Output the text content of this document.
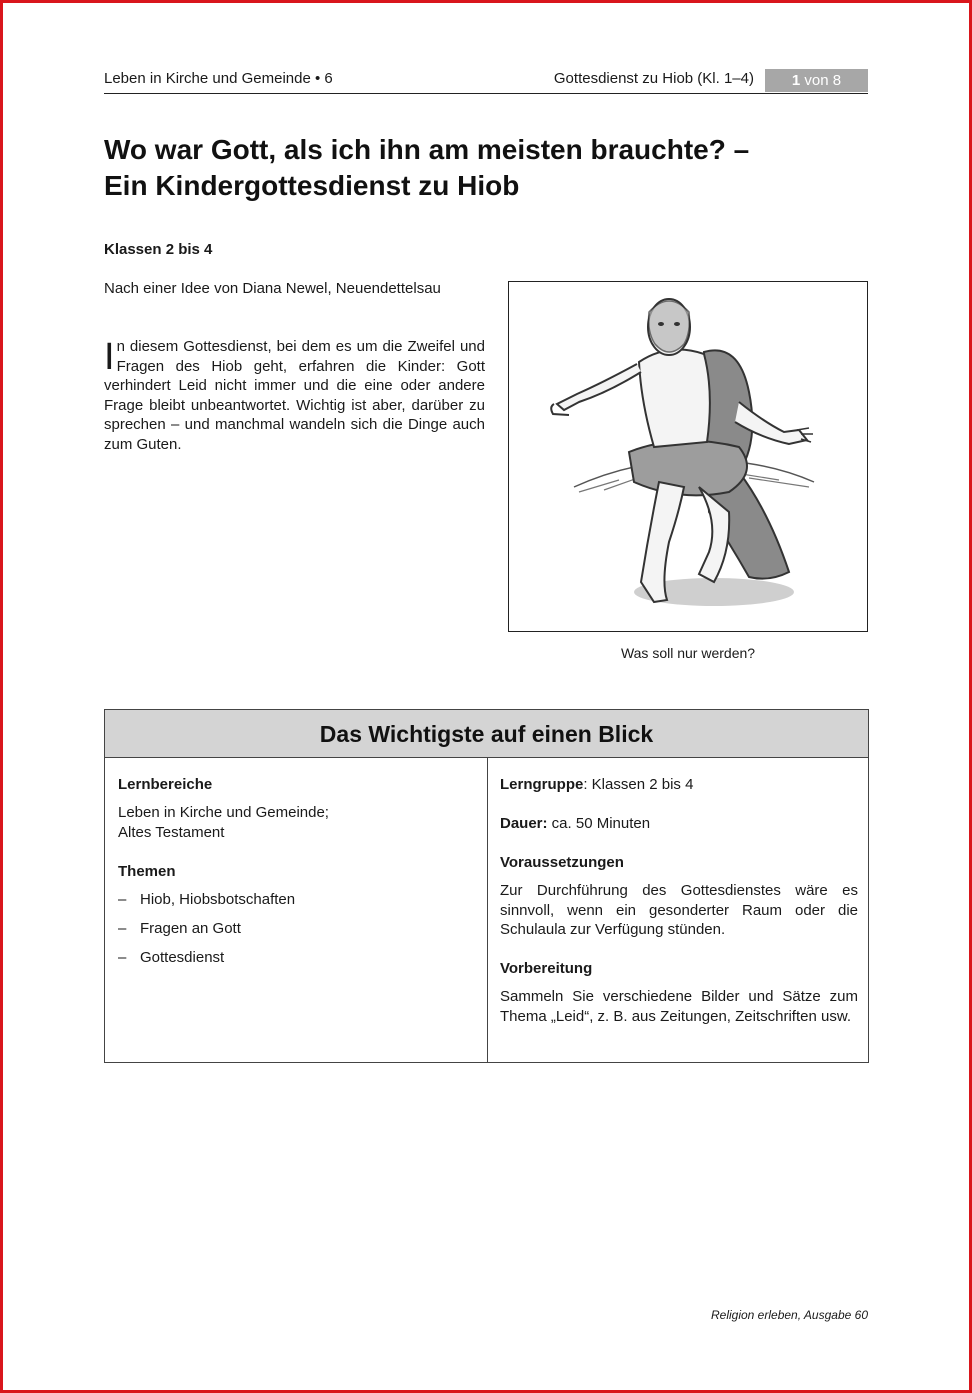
Leben in Kirche und Gemeinde • 6	Gottesdienst zu Hiob (Kl. 1–4)	1 von 8
Wo war Gott, als ich ihn am meisten brauchte? –
Ein Kindergottesdienst zu Hiob
Klassen 2 bis 4
Nach einer Idee von Diana Newel, Neuendettelsau

In diesem Gottesdienst, bei dem es um die Zweifel und Fragen des Hiob geht, erfahren die Kinder: Gott verhindert Leid nicht immer und die eine oder andere Frage bleibt unbeantwortet. Wichtig ist aber, darüber zu sprechen – und manchmal wandeln sich die Dinge auch zum Guten.

Was soll nur werden?
Das Wichtigste auf einen Blick
Lernbereiche
Leben in Kirche und Gemeinde;
Altes Testament
Themen
– Hiob, Hiobsbotschaften
– Fragen an Gott
– Gottesdienst
Lerngruppe: Klassen 2 bis 4
Dauer: ca. 50 Minuten
Voraussetzungen
Zur Durchführung des Gottesdienstes wäre es sinnvoll, wenn ein gesonderter Raum oder die Schulaula zur Verfügung stünden.
Vorbereitung
Sammeln Sie verschiedene Bilder und Sätze zum Thema „Leid“, z. B. aus Zeitungen, Zeitschriften usw.
Religion erleben, Ausgabe 60
